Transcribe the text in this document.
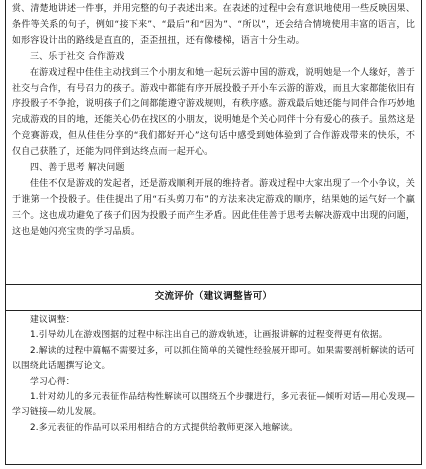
赏、清楚地讲述一件事，并用完整的句子表述出来。在表述的过程中会有意识地使用一些反映因果、条件等关系的句子，例如“接下来”、“最后”和“因为”、“所以”，还会结合情境使用丰富的语言，比如形容设计出的路线是直直的，歪歪扭扭，还有像楼梯，语言十分生动。

三、乐于社交 合作游戏

在游戏过程中佳佳主动找到三个小朋友和她一起玩云游中国的游戏，说明她是一个人缘好，善于社交与合作，有号召力的孩子。游戏中都能有序开展投骰子开小车云游的游戏，而且大家都能依旧有序投骰子不争抢，说明孩子们之间都能遵守游戏规则，有秩序感。游戏最后她还能与同伴合作巧妙地完成游戏的目的地，还能关心仍在找区的小朋友，说明她是个关心同伴十分有爱心的孩子。虽然这是个竞赛游戏，但从佳佳分享的“我们都好开心”这句话中感受到她体验到了合作游戏带来的快乐，不仅自己获胜了，还能为同伴到达终点而一起开心。

四、善于思考 解决问题

佳佳不仅是游戏的发起者，还是游戏顺利开展的维持者。游戏过程中大家出现了一个小争议，关于谁第一个投骰子。佳佳提出了用“石头剪刀布”的方法来决定游戏的顺序，结果她的运气好一个赢三个。这也成功避免了孩子们因为投骰子而产生矛盾。因此佳佳善于思考去解决游戏中出现的问题，这也是她闪亮宝贵的学习品质。

交流评价（建议调整皆可）

建议调整：

1.引导幼儿在游戏图据的过程中标注出自己的游戏轨迹，让画报讲解的过程变得更有依据。

2.解读的过程中篇幅不需要过多，可以抓住简单的关键性经验展开即可。如果需要剖析解读的话可以围绕此话题撰写论文。

学习心得：

1.针对幼儿的多元表征作品结构性解读可以围绕五个步骤进行，多元表征—倾听对话—用心发现—学习链接—幼儿发展。

2.多元表征的作品可以采用相结合的方式提供给教师更深入地解读。
